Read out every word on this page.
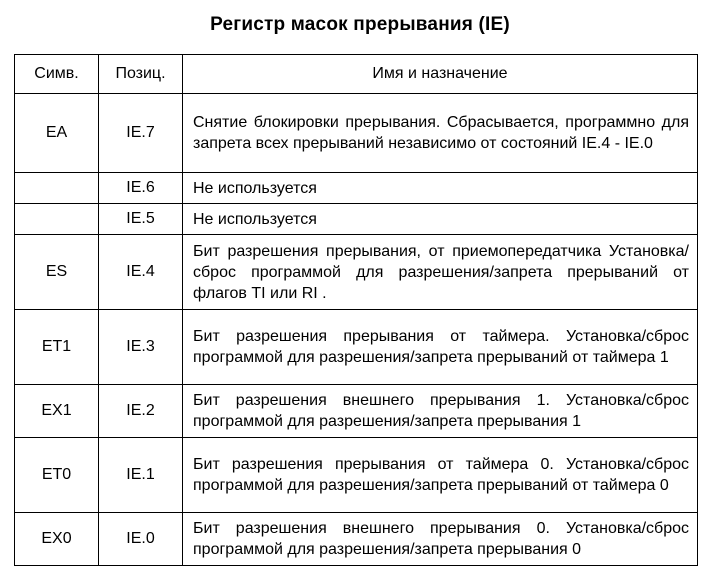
Регистр масок прерывания (IE)
Симв.	Позиц.	Имя и назначение
EA	IE.7	Снятие блокировки прерывания. Сбрасывается, программно для запрета всех прерываний независимо от состояний IE.4 - IE.0
	IE.6	Не используется
	IE.5	Не используется
ES	IE.4	Бит разрешения прерывания, от приемопередатчика Установка/сброс программой для разрешения/запрета прерываний от флагов TI или RI .
ET1	IE.3	Бит разрешения прерывания от таймера. Установка/сброс программой для разрешения/запрета прерываний от таймера 1
EX1	IE.2	Бит разрешения внешнего прерывания 1. Установка/сброс программой для разрешения/запрета прерывания 1
ET0	IE.1	Бит разрешения прерывания от таймера 0. Установка/сброс программой для разрешения/запрета прерываний от таймера 0
EX0	IE.0	Бит разрешения внешнего прерывания 0. Установка/сброс программой для разрешения/запрета прерывания 0
